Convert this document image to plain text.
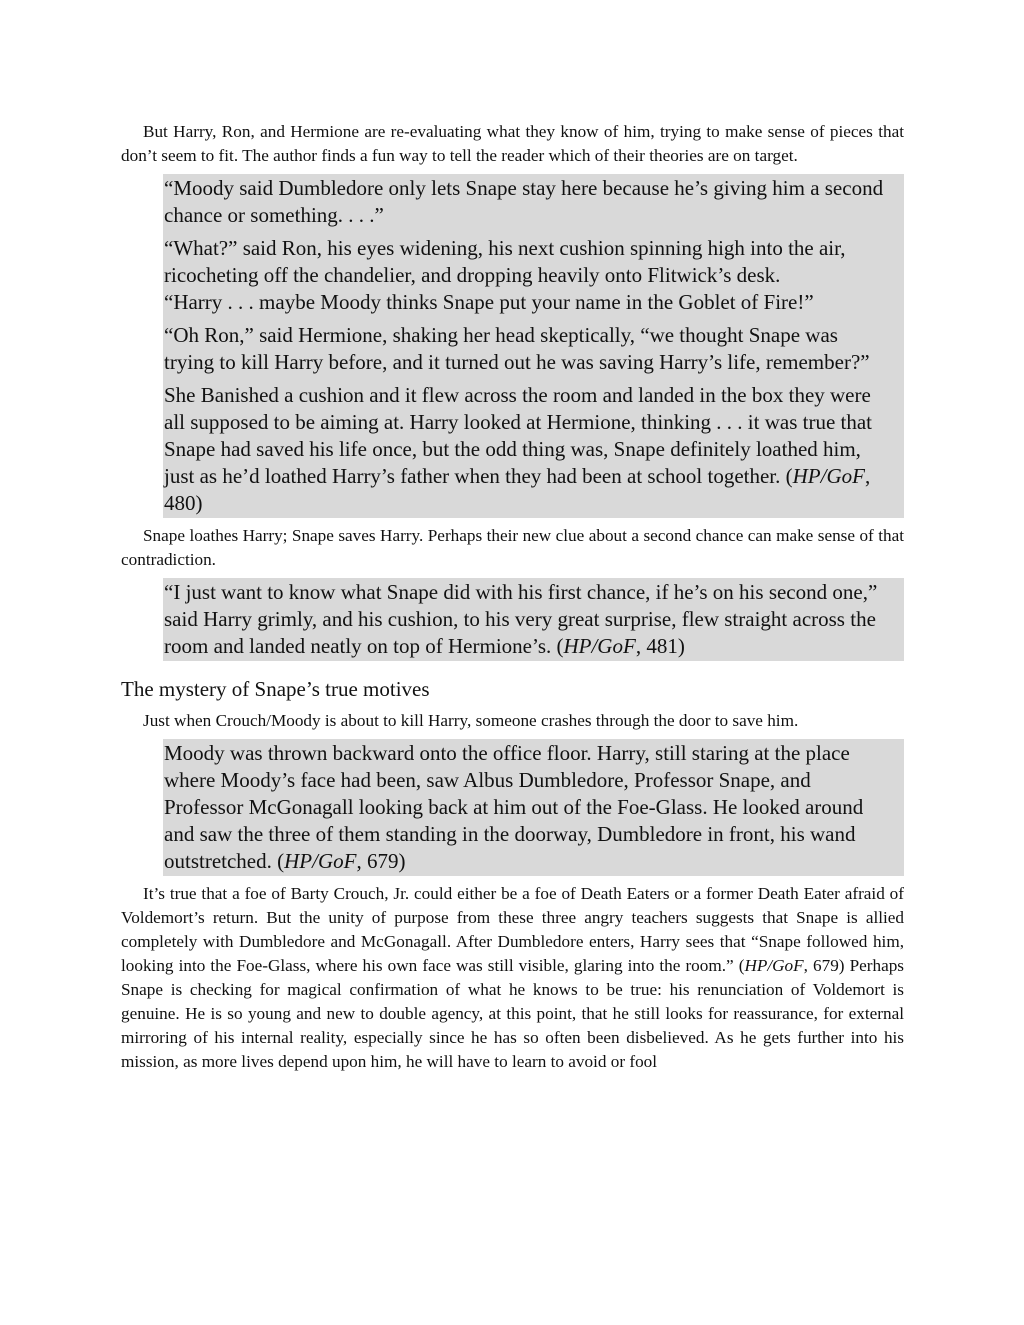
But Harry, Ron, and Hermione are re-evaluating what they know of him, trying to make sense of pieces that don’t seem to fit. The author finds a fun way to tell the reader which of their theories are on target.

“Moody said Dumbledore only lets Snape stay here because he’s giving him a second chance or something. . . .”

“What?” said Ron, his eyes widening, his next cushion spinning high into the air, ricocheting off the chandelier, and dropping heavily onto Flitwick’s desk.

“Harry . . . maybe Moody thinks Snape put your name in the Goblet of Fire!”

“Oh Ron,” said Hermione, shaking her head skeptically, “we thought Snape was trying to kill Harry before, and it turned out he was saving Harry’s life, remember?”

She Banished a cushion and it flew across the room and landed in the box they were all supposed to be aiming at. Harry looked at Hermione, thinking . . . it was true that Snape had saved his life once, but the odd thing was, Snape definitely loathed him, just as he’d loathed Harry’s father when they had been at school together. (HP/GoF, 480)

Snape loathes Harry; Snape saves Harry. Perhaps their new clue about a second chance can make sense of that contradiction.

“I just want to know what Snape did with his first chance, if he’s on his second one,” said Harry grimly, and his cushion, to his very great surprise, flew straight across the room and landed neatly on top of Hermione’s. (HP/GoF, 481)

The mystery of Snape’s true motives

Just when Crouch/Moody is about to kill Harry, someone crashes through the door to save him.

Moody was thrown backward onto the office floor. Harry, still staring at the place where Moody’s face had been, saw Albus Dumbledore, Professor Snape, and Professor McGonagall looking back at him out of the Foe-Glass. He looked around and saw the three of them standing in the doorway, Dumbledore in front, his wand outstretched. (HP/GoF, 679)

It’s true that a foe of Barty Crouch, Jr. could either be a foe of Death Eaters or a former Death Eater afraid of Voldemort’s return. But the unity of purpose from these three angry teachers suggests that Snape is allied completely with Dumbledore and McGonagall. After Dumbledore enters, Harry sees that “Snape followed him, looking into the Foe-Glass, where his own face was still visible, glaring into the room.” (HP/GoF, 679) Perhaps Snape is checking for magical confirmation of what he knows to be true: his renunciation of Voldemort is genuine. He is so young and new to double agency, at this point, that he still looks for reassurance, for external mirroring of his internal reality, especially since he has so often been disbelieved. As he gets further into his mission, as more lives depend upon him, he will have to learn to avoid or fool
